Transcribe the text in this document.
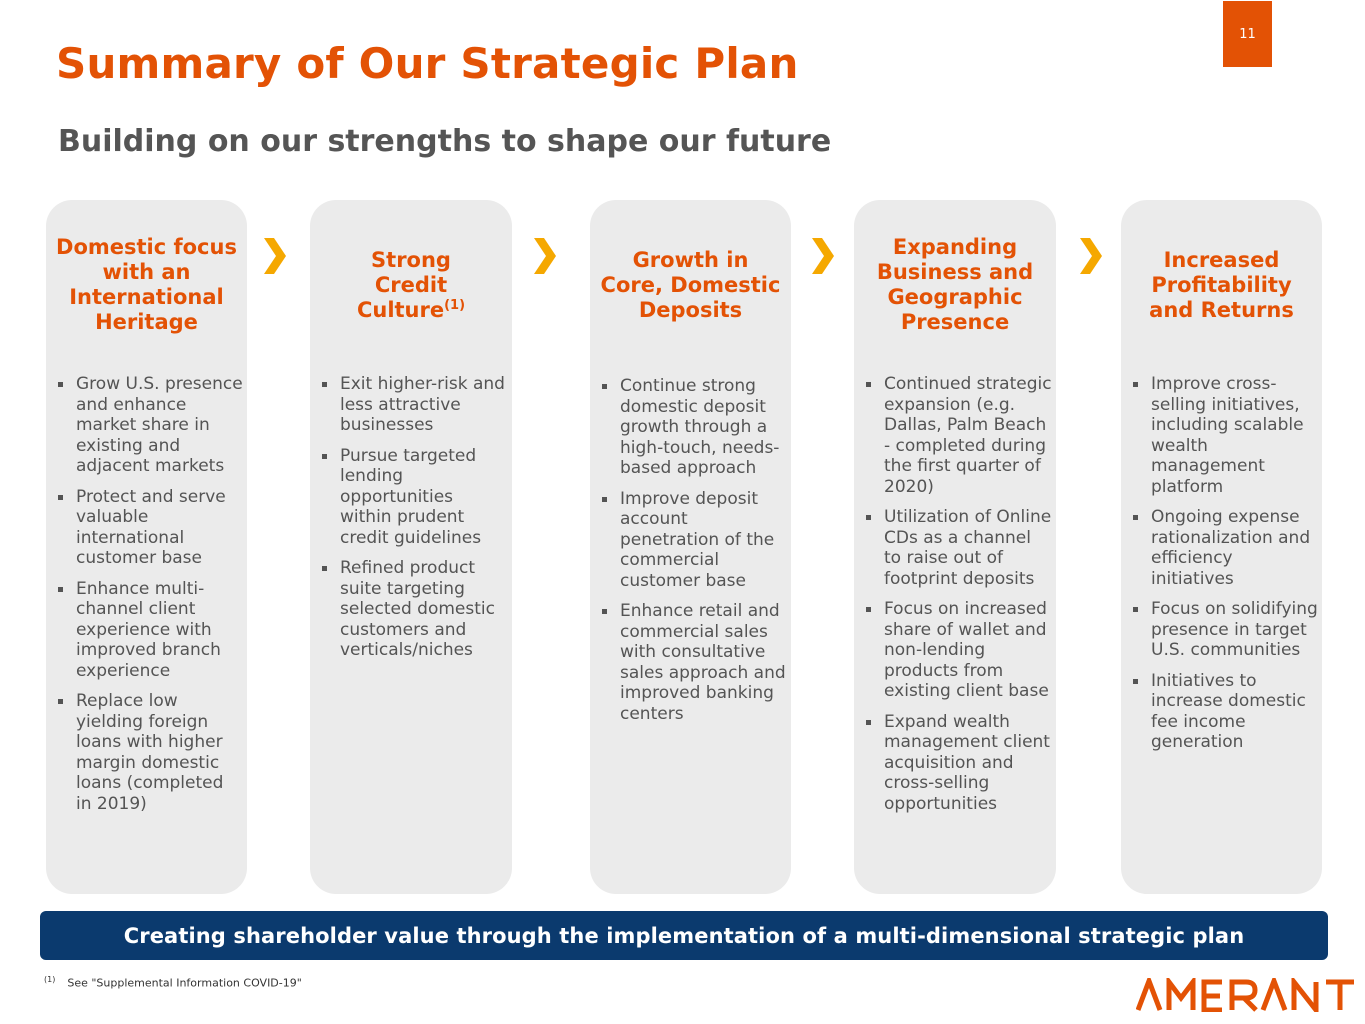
11
Summary of Our Strategic Plan
Building on our strengths to shape our future
Domestic focus with an International Heritage
Grow U.S. presence and enhance market share in existing and adjacent markets
Protect and serve valuable international customer base
Enhance multi-channel client experience with improved branch experience
Replace low yielding foreign loans with higher margin domestic loans (completed in 2019)
Strong Credit Culture$^{(1)}$
Exit higher-risk and less attractive businesses
Pursue targeted lending opportunities within prudent credit guidelines
Refined product suite targeting selected domestic customers and verticals/niches
Growth in Core, Domestic Deposits
Continue strong domestic deposit growth through a high-touch, needs-based approach
Improve deposit account penetration of the commercial customer base
Enhance retail and commercial sales with consultative sales approach and improved banking centers
Expanding Business and Geographic Presence
Continued strategic expansion (e.g. Dallas, Palm Beach - completed during the first quarter of 2020)
Utilization of Online CDs as a channel to raise out of footprint deposits
Focus on increased share of wallet and non-lending products from existing client base
Expand wealth management client acquisition and cross-selling opportunities
Increased Profitability and Returns
Improve cross-selling initiatives, including scalable wealth management platform
Ongoing expense rationalization and efficiency initiatives
Focus on solidifying presence in target U.S. communities
Initiatives to increase domestic fee income generation
Creating shareholder value through the implementation of a multi-dimensional strategic plan
$^{(1)}$ See "Supplemental Information COVID-19"
